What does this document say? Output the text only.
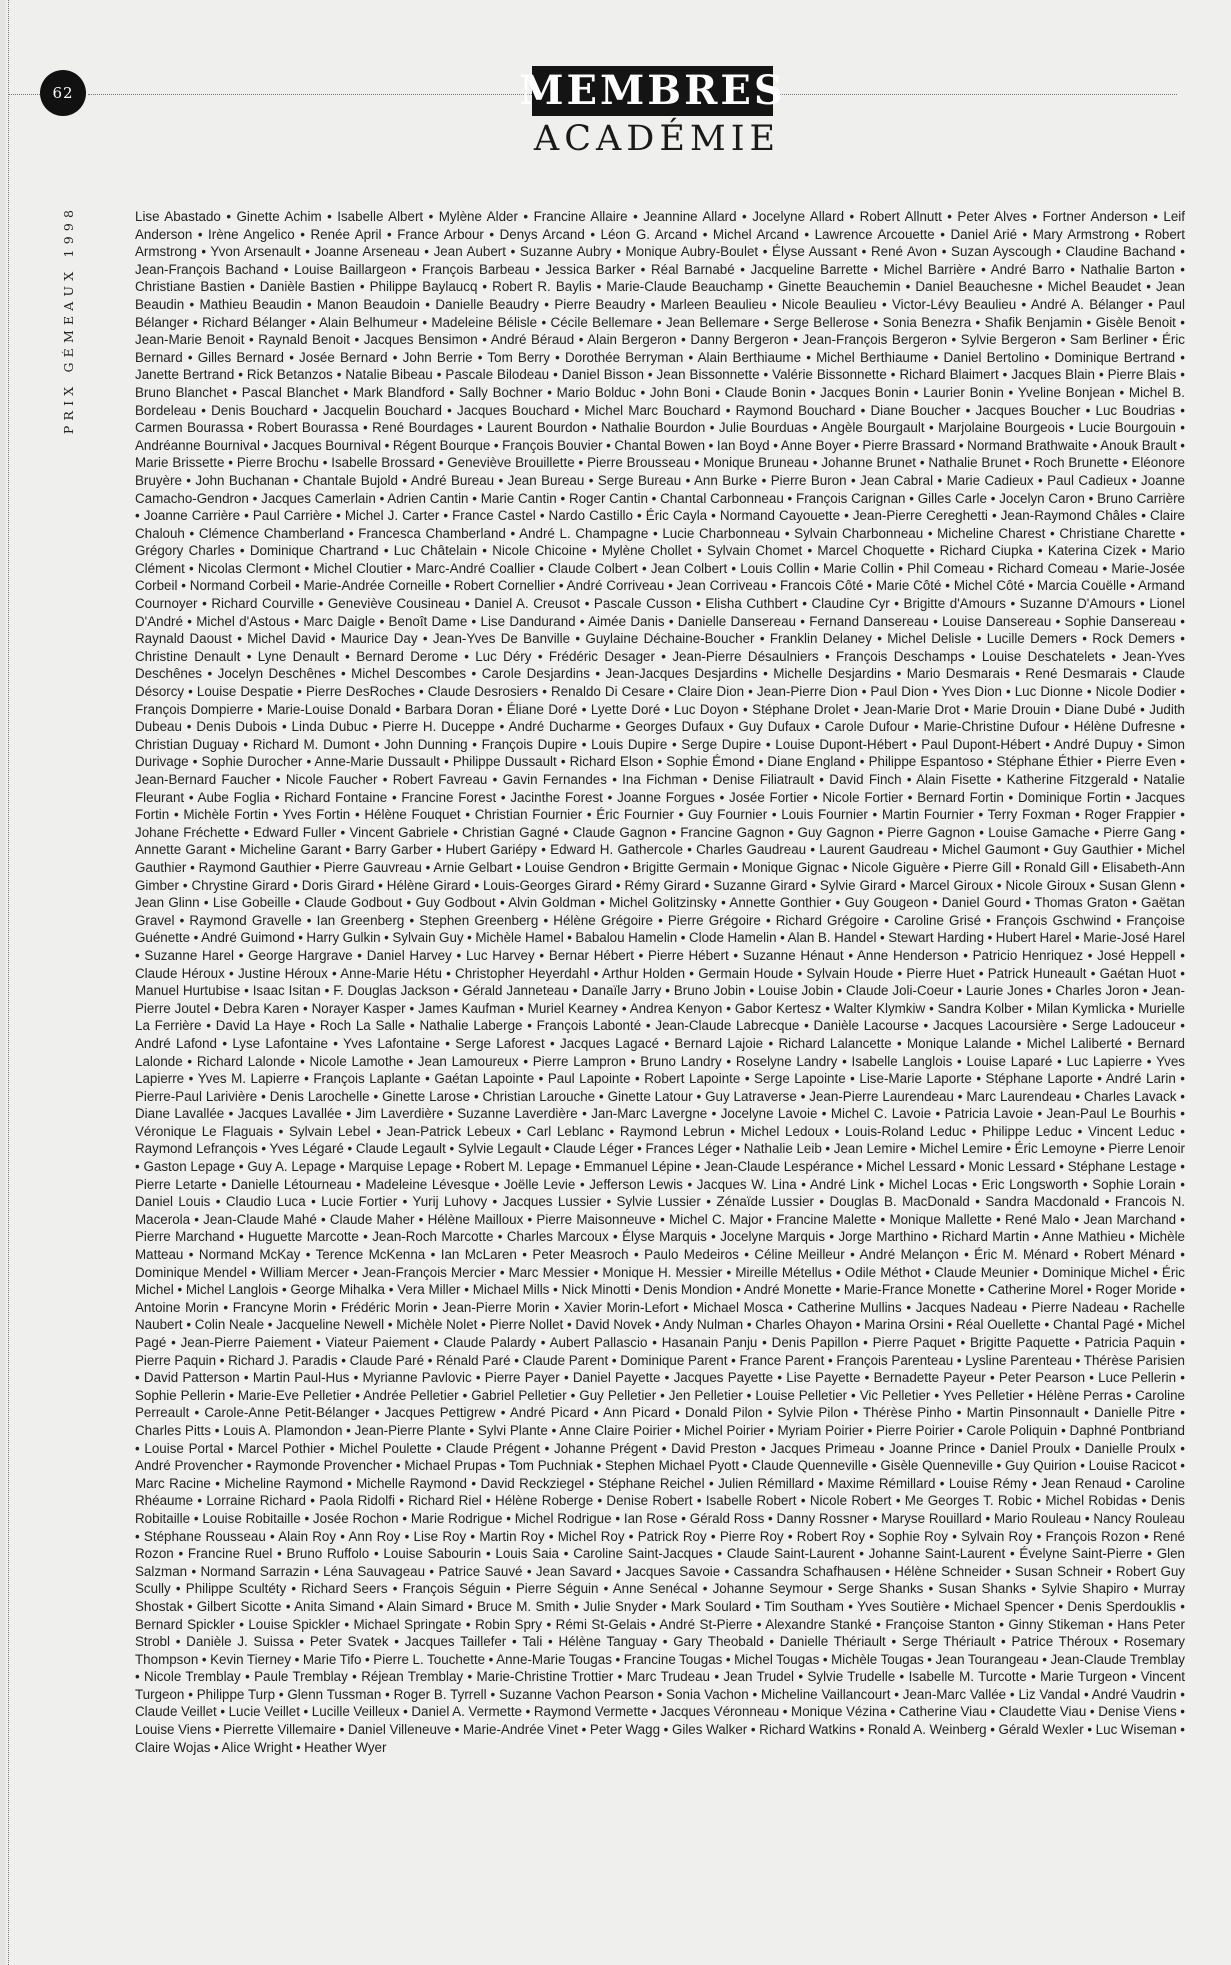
62
PRIX GÉMEAUX 1998
MEMBRES
ACADÉMIE
Lise Abastado • Ginette Achim • Isabelle Albert • Mylène Alder • Francine Allaire • Jeannine Allard • Jocelyne Allard • Robert Allnutt • Peter Alves • Fortner Anderson • Leif Anderson • Irène Angelico • Renée April • France Arbour • Denys Arcand • Léon G. Arcand • Michel Arcand • Lawrence Arcouette • Daniel Arié • Mary Armstrong • Robert Armstrong • Yvon Arsenault • Joanne Arseneau • Jean Aubert • Suzanne Aubry • Monique Aubry-Boulet • Élyse Aussant • René Avon • Suzan Ayscough • Claudine Bachand • Jean-François Bachand • Louise Baillargeon • François Barbeau • Jessica Barker • Réal Barnabé • Jacqueline Barrette • Michel Barrière • André Barro • Nathalie Barton • Christiane Bastien • Danièle Bastien • Philippe Baylaucq • Robert R. Baylis • Marie-Claude Beauchamp • Ginette Beauchemin • Daniel Beauchesne • Michel Beaudet • Jean Beaudin • Mathieu Beaudin • Manon Beaudoin • Danielle Beaudry • Pierre Beaudry • Marleen Beaulieu • Nicole Beaulieu • Victor-Lévy Beaulieu • André A. Bélanger • Paul Bélanger • Richard Bélanger • Alain Belhumeur • Madeleine Bélisle • Cécile Bellemare • Jean Bellemare • Serge Bellerose • Sonia Benezra • Shafik Benjamin • Gisèle Benoit • Jean-Marie Benoit • Raynald Benoit • Jacques Bensimon • André Béraud • Alain Bergeron • Danny Bergeron • Jean-François Bergeron • Sylvie Bergeron • Sam Berliner • Éric Bernard • Gilles Bernard • Josée Bernard • John Berrie • Tom Berry • Dorothée Berryman • Alain Berthiaume • Michel Berthiaume • Daniel Bertolino • Dominique Bertrand • Janette Bertrand • Rick Betanzos • Natalie Bibeau • Pascale Bilodeau • Daniel Bisson • Jean Bissonnette • Valérie Bissonnette • Richard Blaimert • Jacques Blain • Pierre Blais • Bruno Blanchet • Pascal Blanchet • Mark Blandford • Sally Bochner • Mario Bolduc • John Boni • Claude Bonin • Jacques Bonin • Laurier Bonin • Yveline Bonjean • Michel B. Bordeleau • Denis Bouchard • Jacquelin Bouchard • Jacques Bouchard • Michel Marc Bouchard • Raymond Bouchard • Diane Boucher • Jacques Boucher • Luc Boudrias • Carmen Bourassa • Robert Bourassa • René Bourdages • Laurent Bourdon • Nathalie Bourdon • Julie Bourduas • Angèle Bourgault • Marjolaine Bourgeois • Lucie Bourgouin • Andréanne Bournival • Jacques Bournival • Régent Bourque • François Bouvier • Chantal Bowen • Ian Boyd • Anne Boyer • Pierre Brassard • Normand Brathwaite • Anouk Brault • Marie Brissette • Pierre Brochu • Isabelle Brossard • Geneviève Brouillette • Pierre Brousseau • Monique Bruneau • Johanne Brunet • Nathalie Brunet • Roch Brunette • Eléonore Bruyère • John Buchanan • Chantale Bujold • André Bureau • Jean Bureau • Serge Bureau • Ann Burke • Pierre Buron • Jean Cabral • Marie Cadieux • Paul Cadieux • Joanne Camacho-Gendron • Jacques Camerlain • Adrien Cantin • Marie Cantin • Roger Cantin • Chantal Carbonneau • François Carignan • Gilles Carle • Jocelyn Caron • Bruno Carrière • Joanne Carrière • Paul Carrière • Michel J. Carter • France Castel • Nardo Castillo • Éric Cayla • Normand Cayouette • Jean-Pierre Cereghetti • Jean-Raymond Châles • Claire Chalouh • Clémence Chamberland • Francesca Chamberland • André L. Champagne • Lucie Charbonneau • Sylvain Charbonneau • Micheline Charest • Christiane Charette • Grégory Charles • Dominique Chartrand • Luc Châtelain • Nicole Chicoine • Mylène Chollet • Sylvain Chomet • Marcel Choquette • Richard Ciupka • Katerina Cizek • Mario Clément • Nicolas Clermont • Michel Cloutier • Marc-André Coallier • Claude Colbert • Jean Colbert • Louis Collin • Marie Collin • Phil Comeau • Richard Comeau • Marie-Josée Corbeil • Normand Corbeil • Marie-Andrée Corneille • Robert Cornellier • André Corriveau • Jean Corriveau • Francois Côté • Marie Côté • Michel Côté • Marcia Couëlle • Armand Cournoyer • Richard Courville • Geneviève Cousineau • Daniel A. Creusot • Pascale Cusson • Elisha Cuthbert • Claudine Cyr • Brigitte d'Amours • Suzanne D'Amours • Lionel D'André • Michel d'Astous • Marc Daigle • Benoît Dame • Lise Dandurand • Aimée Danis • Danielle Dansereau • Fernand Dansereau • Louise Dansereau • Sophie Dansereau • Raynald Daoust • Michel David • Maurice Day • Jean-Yves De Banville • Guylaine Déchaine-Boucher • Franklin Delaney • Michel Delisle • Lucille Demers • Rock Demers • Christine Denault • Lyne Denault • Bernard Derome • Luc Déry • Frédéric Desager • Jean-Pierre Désaulniers • François Deschamps • Louise Deschatelets • Jean-Yves Deschênes • Jocelyn Deschênes • Michel Descombes • Carole Desjardins • Jean-Jacques Desjardins • Michelle Desjardins • Mario Desmarais • René Desmarais • Claude Désorcy • Louise Despatie • Pierre DesRoches • Claude Desrosiers • Renaldo Di Cesare • Claire Dion • Jean-Pierre Dion • Paul Dion • Yves Dion • Luc Dionne • Nicole Dodier • François Dompierre • Marie-Louise Donald • Barbara Doran • Éliane Doré • Lyette Doré • Luc Doyon • Stéphane Drolet • Jean-Marie Drot • Marie Drouin • Diane Dubé • Judith Dubeau • Denis Dubois • Linda Dubuc • Pierre H. Duceppe • André Ducharme • Georges Dufaux • Guy Dufaux • Carole Dufour • Marie-Christine Dufour • Hélène Dufresne • Christian Duguay • Richard M. Dumont • John Dunning • François Dupire • Louis Dupire • Serge Dupire • Louise Dupont-Hébert • Paul Dupont-Hébert • André Dupuy • Simon Durivage • Sophie Durocher • Anne-Marie Dussault • Philippe Dussault • Richard Elson • Sophie Émond • Diane England • Philippe Espantoso • Stéphane Éthier • Pierre Even • Jean-Bernard Faucher • Nicole Faucher • Robert Favreau • Gavin Fernandes • Ina Fichman • Denise Filiatrault • David Finch • Alain Fisette • Katherine Fitzgerald • Natalie Fleurant • Aube Foglia • Richard Fontaine • Francine Forest • Jacinthe Forest • Joanne Forgues • Josée Fortier • Nicole Fortier • Bernard Fortin • Dominique Fortin • Jacques Fortin • Michèle Fortin • Yves Fortin • Hélène Fouquet • Christian Fournier • Éric Fournier • Guy Fournier • Louis Fournier • Martin Fournier • Terry Foxman • Roger Frappier • Johane Fréchette • Edward Fuller • Vincent Gabriele • Christian Gagné • Claude Gagnon • Francine Gagnon • Guy Gagnon • Pierre Gagnon • Louise Gamache • Pierre Gang • Annette Garant • Micheline Garant • Barry Garber • Hubert Gariépy • Edward H. Gathercole • Charles Gaudreau • Laurent Gaudreau • Michel Gaumont • Guy Gauthier • Michel Gauthier • Raymond Gauthier • Pierre Gauvreau • Arnie Gelbart • Louise Gendron • Brigitte Germain • Monique Gignac • Nicole Giguère • Pierre Gill • Ronald Gill • Elisabeth-Ann Gimber • Chrystine Girard • Doris Girard • Hélène Girard • Louis-Georges Girard • Rémy Girard • Suzanne Girard • Sylvie Girard • Marcel Giroux • Nicole Giroux • Susan Glenn • Jean Glinn • Lise Gobeille • Claude Godbout • Guy Godbout • Alvin Goldman • Michel Golitzinsky • Annette Gonthier • Guy Gougeon • Daniel Gourd • Thomas Graton • Gaëtan Gravel • Raymond Gravelle • Ian Greenberg • Stephen Greenberg • Hélène Grégoire • Pierre Grégoire • Richard Grégoire • Caroline Grisé • François Gschwind • Françoise Guénette • André Guimond • Harry Gulkin • Sylvain Guy • Michèle Hamel • Babalou Hamelin • Clode Hamelin • Alan B. Handel • Stewart Harding • Hubert Harel • Marie-José Harel • Suzanne Harel • George Hargrave • Daniel Harvey • Luc Harvey • Bernar Hébert • Pierre Hébert • Suzanne Hénaut • Anne Henderson • Patricio Henriquez • José Heppell • Claude Héroux • Justine Héroux • Anne-Marie Hétu • Christopher Heyerdahl • Arthur Holden • Germain Houde • Sylvain Houde • Pierre Huet • Patrick Huneault • Gaétan Huot • Manuel Hurtubise • Isaac Isitan • F. Douglas Jackson • Gérald Janneteau • Danaïle Jarry • Bruno Jobin • Louise Jobin • Claude Joli-Coeur • Laurie Jones • Charles Joron • Jean-Pierre Joutel • Debra Karen • Norayer Kasper • James Kaufman • Muriel Kearney • Andrea Kenyon • Gabor Kertesz • Walter Klymkiw • Sandra Kolber • Milan Kymlicka • Murielle La Ferrière • David La Haye • Roch La Salle • Nathalie Laberge • François Labonté • Jean-Claude Labrecque • Danièle Lacourse • Jacques Lacoursière • Serge Ladouceur • André Lafond • Lyse Lafontaine • Yves Lafontaine • Serge Laforest • Jacques Lagacé • Bernard Lajoie • Richard Lalancette • Monique Lalande • Michel Laliberté • Bernard Lalonde • Richard Lalonde • Nicole Lamothe • Jean Lamoureux • Pierre Lampron • Bruno Landry • Roselyne Landry • Isabelle Langlois • Louise Laparé • Luc Lapierre • Yves Lapierre • Yves M. Lapierre • François Laplante • Gaétan Lapointe • Paul Lapointe • Robert Lapointe • Serge Lapointe • Lise-Marie Laporte • Stéphane Laporte • André Larin • Pierre-Paul Larivière • Denis Larochelle • Ginette Larose • Christian Larouche • Ginette Latour • Guy Latraverse • Jean-Pierre Laurendeau • Marc Laurendeau • Charles Lavack • Diane Lavallée • Jacques Lavallée • Jim Laverdière • Suzanne Laverdière • Jan-Marc Lavergne • Jocelyne Lavoie • Michel C. Lavoie • Patricia Lavoie • Jean-Paul Le Bourhis • Véronique Le Flaguais • Sylvain Lebel • Jean-Patrick Lebeux • Carl Leblanc • Raymond Lebrun • Michel Ledoux • Louis-Roland Leduc • Philippe Leduc • Vincent Leduc • Raymond Lefrançois • Yves Légaré • Claude Legault • Sylvie Legault • Claude Léger • Frances Léger • Nathalie Leib • Jean Lemire • Michel Lemire • Éric Lemoyne • Pierre Lenoir • Gaston Lepage • Guy A. Lepage • Marquise Lepage • Robert M. Lepage • Emmanuel Lépine • Jean-Claude Lespérance • Michel Lessard • Monic Lessard • Stéphane Lestage • Pierre Letarte • Danielle Létourneau • Madeleine Lévesque • Joëlle Levie • Jefferson Lewis • Jacques W. Lina • André Link • Michel Locas • Eric Longsworth • Sophie Lorain • Daniel Louis • Claudio Luca • Lucie Fortier • Yurij Luhovy • Jacques Lussier • Sylvie Lussier • Zénaïde Lussier • Douglas B. MacDonald • Sandra Macdonald • Francois N. Macerola • Jean-Claude Mahé • Claude Maher • Hélène Mailloux • Pierre Maisonneuve • Michel C. Major • Francine Malette • Monique Mallette • René Malo • Jean Marchand • Pierre Marchand • Huguette Marcotte • Jean-Roch Marcotte • Charles Marcoux • Élyse Marquis • Jocelyne Marquis • Jorge Marthino • Richard Martin • Anne Mathieu • Michèle Matteau • Normand McKay • Terence McKenna • Ian McLaren • Peter Measroch • Paulo Medeiros • Céline Meilleur • André Melançon • Éric M. Ménard • Robert Ménard • Dominique Mendel • William Mercer • Jean-François Mercier • Marc Messier • Monique H. Messier • Mireille Métellus • Odile Méthot • Claude Meunier • Dominique Michel • Éric Michel • Michel Langlois • George Mihalka • Vera Miller • Michael Mills • Nick Minotti • Denis Mondion • André Monette • Marie-France Monette • Catherine Morel • Roger Moride • Antoine Morin • Francyne Morin • Frédéric Morin • Jean-Pierre Morin • Xavier Morin-Lefort • Michael Mosca • Catherine Mullins • Jacques Nadeau • Pierre Nadeau • Rachelle Naubert • Colin Neale • Jacqueline Newell • Michèle Nolet • Pierre Nollet • David Novek • Andy Nulman • Charles Ohayon • Marina Orsini • Réal Ouellette • Chantal Pagé • Michel Pagé • Jean-Pierre Paiement • Viateur Paiement • Claude Palardy • Aubert Pallascio • Hasanain Panju • Denis Papillon • Pierre Paquet • Brigitte Paquette • Patricia Paquin • Pierre Paquin • Richard J. Paradis • Claude Paré • Rénald Paré • Claude Parent • Dominique Parent • France Parent • François Parenteau • Lysline Parenteau • Thérèse Parisien • David Patterson • Martin Paul-Hus • Myrianne Pavlovic • Pierre Payer • Daniel Payette • Jacques Payette • Lise Payette • Bernadette Payeur • Peter Pearson • Luce Pellerin • Sophie Pellerin • Marie-Eve Pelletier • Andrée Pelletier • Gabriel Pelletier • Guy Pelletier • Jen Pelletier • Louise Pelletier • Vic Pelletier • Yves Pelletier • Hélène Perras • Caroline Perreault • Carole-Anne Petit-Bélanger • Jacques Pettigrew • André Picard • Ann Picard • Donald Pilon • Sylvie Pilon • Thérèse Pinho • Martin Pinsonnault • Danielle Pitre • Charles Pitts • Louis A. Plamondon • Jean-Pierre Plante • Sylvi Plante • Anne Claire Poirier • Michel Poirier • Myriam Poirier • Pierre Poirier • Carole Poliquin • Daphné Pontbriand • Louise Portal • Marcel Pothier • Michel Poulette • Claude Prégent • Johanne Prégent • David Preston • Jacques Primeau • Joanne Prince • Daniel Proulx • Danielle Proulx • André Provencher • Raymonde Provencher • Michael Prupas • Tom Puchniak • Stephen Michael Pyott • Claude Quenneville • Gisèle Quenneville • Guy Quirion • Louise Racicot • Marc Racine • Micheline Raymond • Michelle Raymond • David Reckziegel • Stéphane Reichel • Julien Rémillard • Maxime Rémillard • Louise Rémy • Jean Renaud • Caroline Rhéaume • Lorraine Richard • Paola Ridolfi • Richard Riel • Hélène Roberge • Denise Robert • Isabelle Robert • Nicole Robert • Me Georges T. Robic • Michel Robidas • Denis Robitaille • Louise Robitaille • Josée Rochon • Marie Rodrigue • Michel Rodrigue • Ian Rose • Gérald Ross • Danny Rossner • Maryse Rouillard • Mario Rouleau • Nancy Rouleau • Stéphane Rousseau • Alain Roy • Ann Roy • Lise Roy • Martin Roy • Michel Roy • Patrick Roy • Pierre Roy • Robert Roy • Sophie Roy • Sylvain Roy • François Rozon • René Rozon • Francine Ruel • Bruno Ruffolo • Louise Sabourin • Louis Saia • Caroline Saint-Jacques • Claude Saint-Laurent • Johanne Saint-Laurent • Évelyne Saint-Pierre • Glen Salzman • Normand Sarrazin • Léna Sauvageau • Patrice Sauvé • Jean Savard • Jacques Savoie • Cassandra Schafhausen • Hélène Schneider • Susan Schneir • Robert Guy Scully • Philippe Scultéty • Richard Seers • François Séguin • Pierre Séguin • Anne Senécal • Johanne Seymour • Serge Shanks • Susan Shanks • Sylvie Shapiro • Murray Shostak • Gilbert Sicotte • Anita Simand • Alain Simard • Bruce M. Smith • Julie Snyder • Mark Soulard • Tim Southam • Yves Soutière • Michael Spencer • Denis Sperdouklis • Bernard Spickler • Louise Spickler • Michael Springate • Robin Spry • Rémi St-Gelais • André St-Pierre • Alexandre Stanké • Françoise Stanton • Ginny Stikeman • Hans Peter Strobl • Danièle J. Suissa • Peter Svatek • Jacques Taillefer • Tali • Hélène Tanguay • Gary Theobald • Danielle Thériault • Serge Thériault • Patrice Théroux • Rosemary Thompson • Kevin Tierney • Marie Tifo • Pierre L. Touchette • Anne-Marie Tougas • Francine Tougas • Michel Tougas • Michèle Tougas • Jean Tourangeau • Jean-Claude Tremblay • Nicole Tremblay • Paule Tremblay • Réjean Tremblay • Marie-Christine Trottier • Marc Trudeau • Jean Trudel • Sylvie Trudelle • Isabelle M. Turcotte • Marie Turgeon • Vincent Turgeon • Philippe Turp • Glenn Tussman • Roger B. Tyrrell • Suzanne Vachon Pearson • Sonia Vachon • Micheline Vaillancourt • Jean-Marc Vallée • Liz Vandal • André Vaudrin • Claude Veillet • Lucie Veillet • Lucille Veilleux • Daniel A. Vermette • Raymond Vermette • Jacques Véronneau • Monique Vézina • Catherine Viau • Claudette Viau • Denise Viens • Louise Viens • Pierrette Villemaire • Daniel Villeneuve • Marie-Andrée Vinet • Peter Wagg • Giles Walker • Richard Watkins • Ronald A. Weinberg • Gérald Wexler • Luc Wiseman • Claire Wojas • Alice Wright • Heather Wyer
